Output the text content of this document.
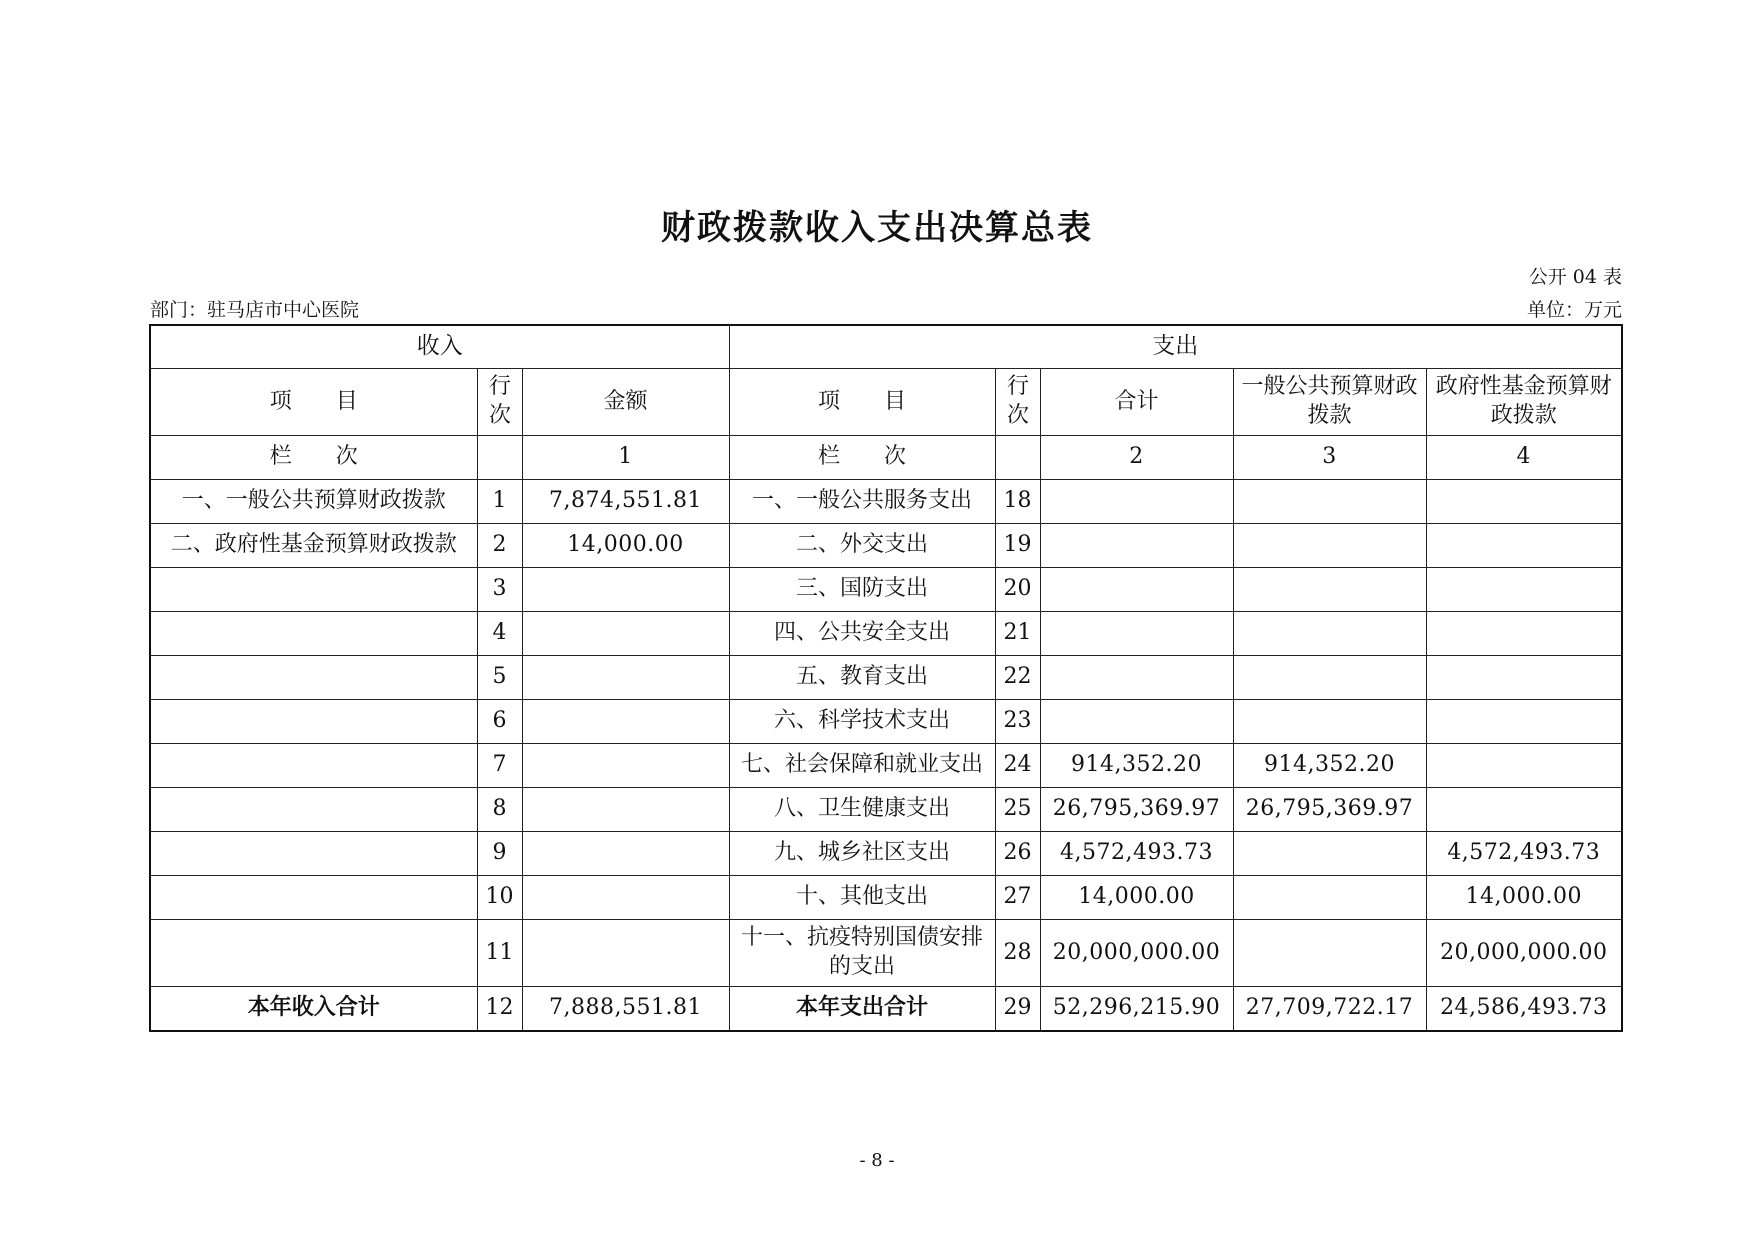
财政拨款收入支出决算总表
公开 04 表
部门：驻马店市中心医院	单位：万元
收入			支出				
项　　目	行次	金额	项　　目	行次	合计	一般公共预算财政拨款	政府性基金预算财政拨款
栏　　次		1	栏　　次		2	3	4
一、一般公共预算财政拨款	1	7,874,551.81	一、一般公共服务支出	18			
二、政府性基金预算财政拨款	2	14,000.00	二、外交支出	19			
	3		三、国防支出	20			
	4		四、公共安全支出	21			
	5		五、教育支出	22			
	6		六、科学技术支出	23			
	7		七、社会保障和就业支出	24	914,352.20	914,352.20	
	8		八、卫生健康支出	25	26,795,369.97	26,795,369.97	
	9		九、城乡社区支出	26	4,572,493.73		4,572,493.73
	10		十、其他支出	27	14,000.00		14,000.00
	11		十一、抗疫特别国债安排的支出	28	20,000,000.00		20,000,000.00
本年收入合计	12	7,888,551.81	本年支出合计	29	52,296,215.90	27,709,722.17	24,586,493.73
- 8 -
